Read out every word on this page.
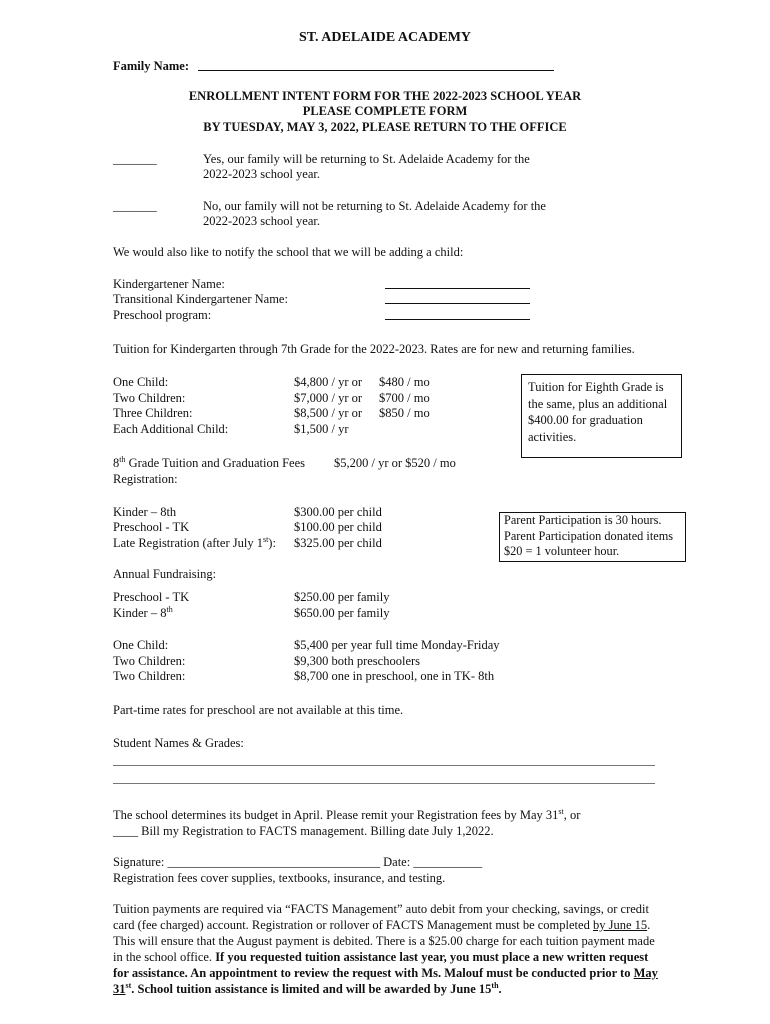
ST. ADELAIDE ACADEMY
Family Name:
ENROLLMENT INTENT FORM FOR THE 2022-2023 SCHOOL YEAR
PLEASE COMPLETE FORM
BY TUESDAY, MAY 3, 2022, PLEASE RETURN TO THE OFFICE
_______	Yes, our family will be returning to St. Adelaide Academy for the
2022-2023 school year.
_______	No, our family will not be returning to St. Adelaide Academy for the
2022-2023 school year.
We would also like to notify the school that we will be adding a child:
Kindergartener Name:
Transitional Kindergartener Name:
Preschool program:
Tuition for Kindergarten through 7th Grade for the 2022-2023. Rates are for new and returning families.
One Child:	$4,800 / yr or $480 / mo
Two Children:	$7,000 / yr or $700 / mo
Three Children:	$8,500 / yr or $850 / mo
Each Additional Child:	$1,500 / yr
Tuition for Eighth Grade is the same, plus an additional $400.00 for graduation activities.
8th Grade Tuition and Graduation Fees $5,200 / yr or $520 / mo
Registration:
Kinder – 8th	$300.00 per child
Preschool - TK	$100.00 per child
Late Registration (after July 1st): $325.00 per child
Parent Participation is 30 hours. Parent Participation donated items $20 = 1 volunteer hour.
Annual Fundraising:
Preschool - TK	$250.00 per family
Kinder – 8th	$650.00 per family
One Child:	$5,400 per year full time Monday-Friday
Two Children:	$9,300 both preschoolers
Two Children:	$8,700 one in preschool, one in TK- 8th
Part-time rates for preschool are not available at this time.
Student Names & Grades:
The school determines its budget in April. Please remit your Registration fees by May 31st, or
____ Bill my Registration to FACTS management. Billing date July 1,2022.
Signature: __________________________________ Date: ___________
Registration fees cover supplies, textbooks, insurance, and testing.
Tuition payments are required via “FACTS Management” auto debit from your checking, savings, or credit card (fee charged) account. Registration or rollover of FACTS Management must be completed by June 15. This will ensure that the August payment is debited. There is a $25.00 charge for each tuition payment made in the school office. If you requested tuition assistance last year, you must place a new written request for assistance. An appointment to review the request with Ms. Malouf must be conducted prior to May 31st. School tuition assistance is limited and will be awarded by June 15th.
